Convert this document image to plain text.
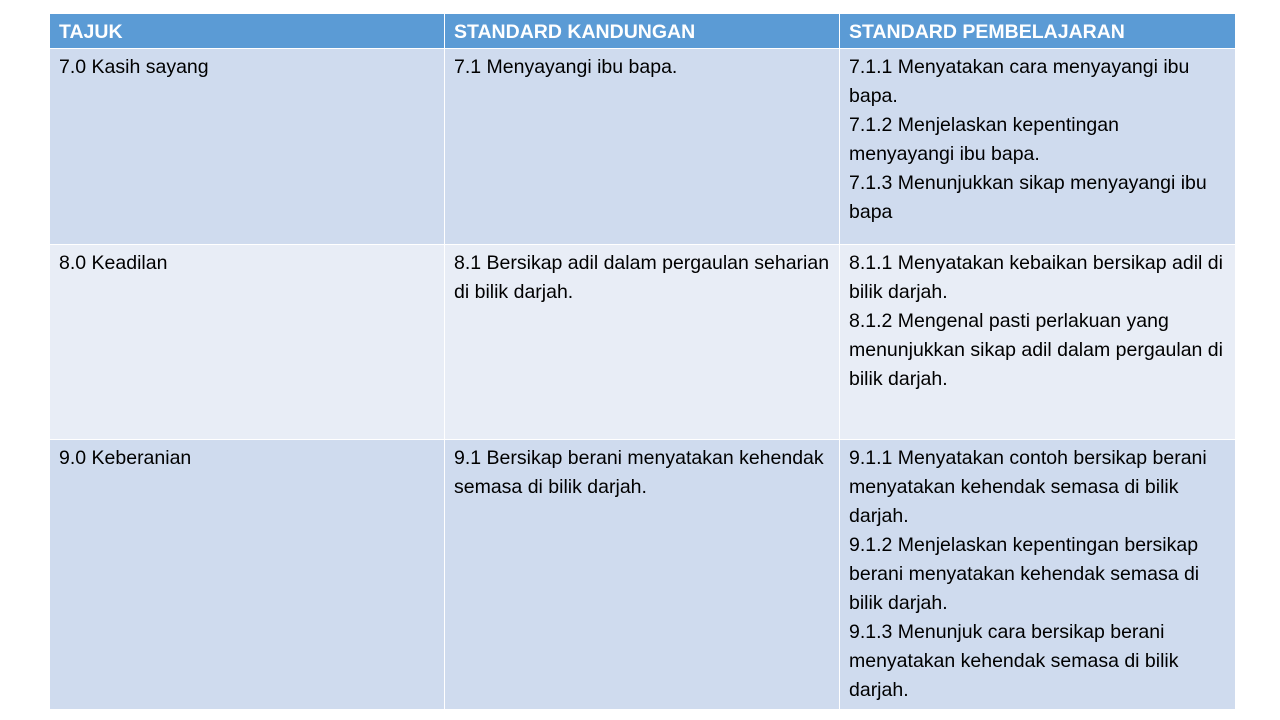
TAJUK	STANDARD KANDUNGAN	STANDARD PEMBELAJARAN
7.0 Kasih sayang	7.1 Menyayangi ibu bapa.	7.1.1 Menyatakan cara menyayangi ibu bapa.
7.1.2 Menjelaskan kepentingan menyayangi ibu bapa.
7.1.3 Menunjukkan sikap menyayangi ibu bapa

8.0 Keadilan	8.1 Bersikap adil dalam pergaulan seharian di bilik darjah.	8.1.1 Menyatakan kebaikan bersikap adil di bilik darjah.
8.1.2 Mengenal pasti perlakuan yang menunjukkan sikap adil dalam pergaulan di bilik darjah.

9.0 Keberanian	9.1 Bersikap berani menyatakan kehendak semasa di bilik darjah.	9.1.1 Menyatakan contoh bersikap berani menyatakan kehendak semasa di bilik darjah.
9.1.2 Menjelaskan kepentingan bersikap berani menyatakan kehendak semasa di bilik darjah.
9.1.3 Menunjuk cara bersikap berani menyatakan kehendak semasa di bilik darjah.
